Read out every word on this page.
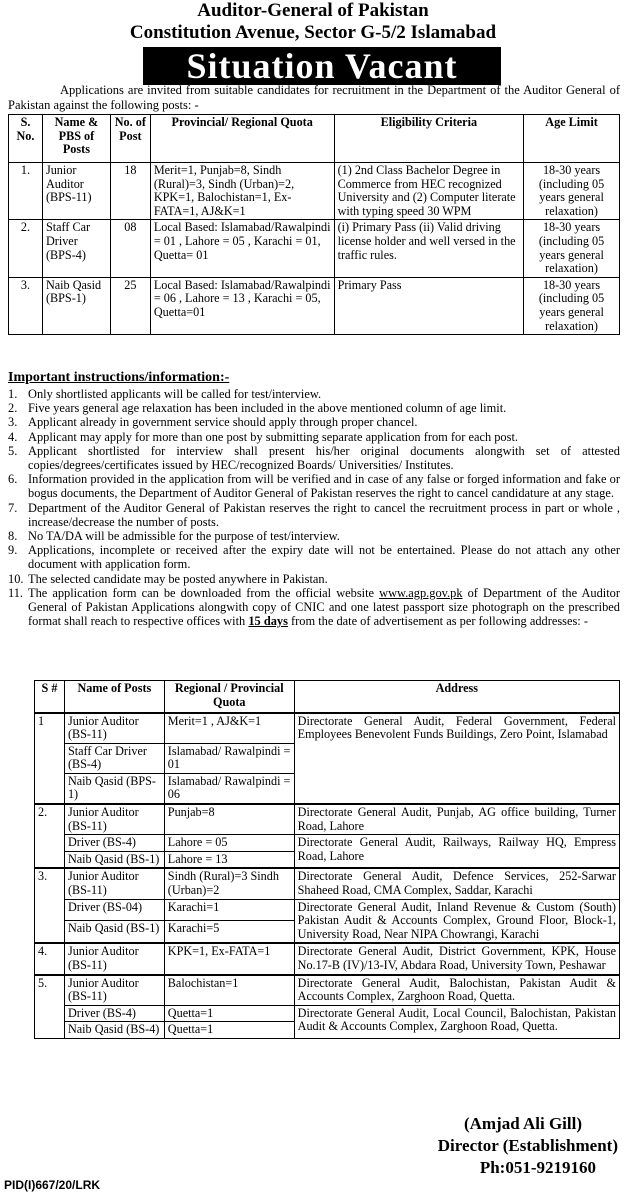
Auditor-General of Pakistan
Constitution Avenue, Sector G-5/2 Islamabad
Situation Vacant

Applications are invited from suitable candidates for recruitment in the Department of the Auditor General of Pakistan against the following posts: -

S. No.	Name & PBS of Posts	No. of Post	Provincial/ Regional Quota	Eligibility Criteria	Age Limit
1.	Junior Auditor (BPS-11)	18	Merit=1, Punjab=8, Sindh (Rural)=3, Sindh (Urban)=2, KPK=1, Balochistan=1, Ex-FATA=1, AJ&K=1	(1) 2nd Class Bachelor Degree in Commerce from HEC recognized University and (2) Computer literate with typing speed 30 WPM	18-30 years (including 05 years general relaxation)
2.	Staff Car Driver (BPS-4)	08	Local Based: Islamabad/Rawalpindi = 01 , Lahore = 05 , Karachi = 01, Quetta= 01	(i) Primary Pass (ii) Valid driving license holder and well versed in the traffic rules.	18-30 years (including 05 years general relaxation)
3.	Naib Qasid (BPS-1)	25	Local Based: Islamabad/Rawalpindi = 06 , Lahore = 13 , Karachi = 05, Quetta=01	Primary Pass	18-30 years (including 05 years general relaxation)
Important instructions/information:-
1. Only shortlisted applicants will be called for test/interview.
2. Five years general age relaxation has been included in the above mentioned column of age limit.
3. Applicant already in government service should apply through proper chancel.
4. Applicant may apply for more than one post by submitting separate application from for each post.
5. Applicant shortlisted for interview shall present his/her original documents alongwith set of attested copies/degrees/certificates issued by HEC/recognized Boards/ Universities/ Institutes.
6. Information provided in the application from will be verified and in case of any false or forged information and fake or bogus documents, the Department of Auditor General of Pakistan reserves the right to cancel candidature at any stage.
7. Department of the Auditor General of Pakistan reserves the right to cancel the recruitment process in part or whole , increase/decrease the number of posts.
8. No TA/DA will be admissible for the purpose of test/interview.
9. Applications, incomplete or received after the expiry date will not be entertained. Please do not attach any other document with application form.
10. The selected candidate may be posted anywhere in Pakistan.
11. The application form can be downloaded from the official website www.agp.gov.pk of Department of the Auditor General of Pakistan Applications alongwith copy of CNIC and one latest passport size photograph on the prescribed format shall reach to respective offices with 15 days from the date of advertisement as per following addresses: -
S #	Name of Posts	Regional / Provincial Quota	Address
1	Junior Auditor (BS-11)	Merit=1 , AJ&K=1	Directorate General Audit, Federal Government, Federal Employees Benevolent Funds Buildings, Zero Point, Islamabad
	Staff Car Driver (BS-4)	Islamabad/ Rawalpindi = 01	
	Naib Qasid (BPS-1)	Islamabad/ Rawalpindi = 06	
2.	Junior Auditor (BS-11)	Punjab=8	Directorate General Audit, Punjab, AG office building, Turner Road, Lahore
	Driver (BS-4)	Lahore = 05	Directorate General Audit, Railways, Railway HQ, Empress Road, Lahore
	Naib Qasid (BS-1)	Lahore = 13	
3.	Junior Auditor (BS-11)	Sindh (Rural)=3 Sindh (Urban)=2	Directorate General Audit, Defence Services, 252-Sarwar Shaheed Road, CMA Complex, Saddar, Karachi
	Driver (BS-04)	Karachi=1	Directorate General Audit, Inland Revenue & Custom (South) Pakistan Audit & Accounts Complex, Ground Floor, Block-1, University Road, Near NIPA Chowrangi, Karachi
	Naib Qasid (BS-1)	Karachi=5	
4.	Junior Auditor (BS-11)	KPK=1, Ex-FATA=1	Directorate General Audit, District Government, KPK, House No.17-B (IV)/13-IV, Abdara Road, University Town, Peshawar
5.	Junior Auditor (BS-11)	Balochistan=1	Directorate General Audit, Balochistan, Pakistan Audit & Accounts Complex, Zarghoon Road, Quetta.
	Driver (BS-4)	Quetta=1	Directorate General Audit, Local Council, Balochistan, Pakistan Audit & Accounts Complex, Zarghoon Road, Quetta.
	Naib Qasid (BS-4)	Quetta=1	
(Amjad Ali Gill)
Director (Establishment)
Ph:051-9219160
PID(I)667/20/LRK
